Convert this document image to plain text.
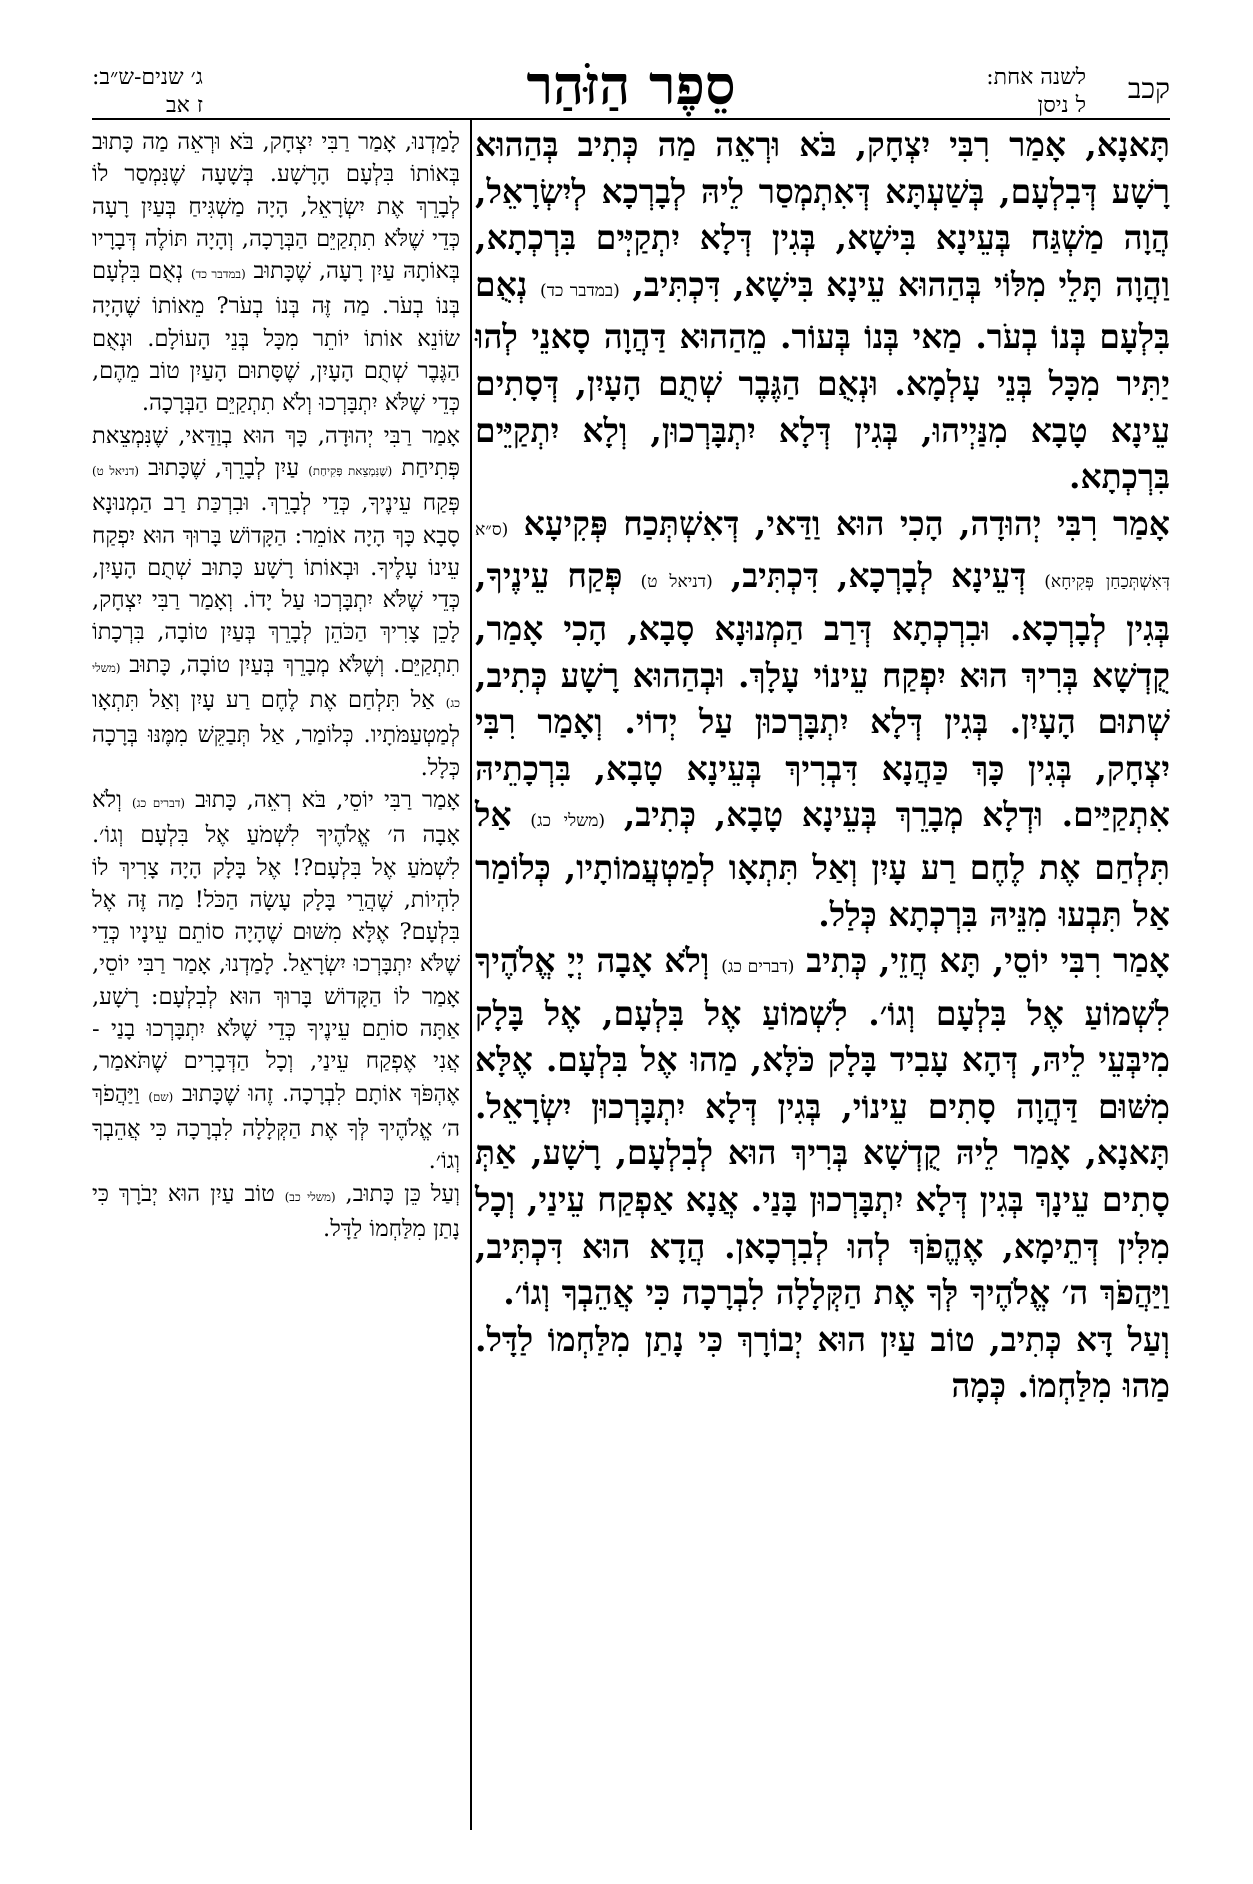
קכב
לשנה אחת:
ל ניסן
סֵפֶר הַזֹּהַר
ג׳ שנים-ש״ב:
ז אב

תָּאנָא, אָמַר רִבִּי יִצְחָק, בֹּא וּרְאֵה מַה כְּתִיב בְּהַהוּא רָשָׁע דְּבִלְעָם, בְּשַׁעְתָּא דְּאִתְמְסַר לֵיהּ לְבָרְכָא לְיִשְׂרָאֵל, הֲוָה מַשְׁגַּח בְּעֵינָא בִּישָׁא, בְּגִין דְּלָא יִתְקַיְּים בִּרְכְתָא, וַהֲוָה תָּלֵי מִלּוֹי בְּהַהוּא עֵינָא בִּישָׁא, דִּכְתִּיב, (במדבר כד) נְאֻם בִּלְעָם בְּנוֹ בְעֹר. מַאי בְּנוֹ בְּעוֹר. מֵהַהוּא דַּהֲוָה סָאנֵי לְהוּ יַתִּיר מִכָּל בְּנֵי עָלְמָא. וּנְאֻם הַגֶּבֶר שְׁתֻם הָעָיִן, דְּסָתִים עֵינָא טָבָא מִנַּיְיהוּ, בְּגִין דְּלָא יִתְבָּרְכוּן, וְלָא יִתְקַיֵּים בִּרְכְתָא.

אָמַר רִבִּי יְהוּדָה, הָכִי הוּא וַדַּאי, דְּאִשְׁתְּכַח פְּקִיעָא (ס״א דְּאִשְׁתְּכַחַן פְּקִיחָא) דְּעֵינָא לְבָרְכָא, דִּכְתִּיב, (דניאל ט) פְּקַח עֵינֶיךָ, בְּגִין לְבָרְכָא. וּבִרְכְתָא דְּרַב הַמְנוּנָא סָבָא, הָכִי אָמַר, קֻדְשָׁא בְּרִיךְ הוּא יִפְקַח עֵינוֹי עָלָךְ. וּבְהַהוּא רָשָׁע כְּתִיב, שְׁתוּם הָעָיִן. בְּגִין דְּלָא יִתְבָּרְכוּן עַל יְדוֹי. וְאָמַר רִבִּי יִצְחָק, בְּגִין כָּךְ כַּהֲנָא דִּבְרִיךְ בְּעֵינָא טָבָא, בִּרְכָתֵיהּ אִתְקַיַּים. וּדְלָא מְבָרֵךְ בְּעֵינָא טָבָא, כְּתִיב, (משלי כג) אַל תִּלְחַם אֶת לֶחֶם רַע עָיִן וְאַל תִּתְאָו לְמַטְעֲמוֹתָיו, כְּלוֹמַר אַל תִּבְעוּ מִנֵּיהּ בִּרְכְתָא כְּלַל.

אָמַר רִבִּי יוֹסֵי, תָּא חֲזֵי, כְּתִיב (דברים כג) וְלֹא אָבָה יְיָ אֱלֹהֶיךָ לִשְׁמוֹעַ אֶל בִּלְעָם וְגוֹ׳. לִשְׁמוֹעַ אֶל בִּלְעָם, אֶל בָּלָק מִיבְּעֵי לֵיהּ, דְּהָא עָבִיד בָּלָק כֹּלָּא, מַהוּ אֶל בִּלְעָם. אֶלָּא מִשּׁוּם דַּהֲוָה סָתִים עֵינוֹי, בְּגִין דְּלָא יִתְבָּרְכוּן יִשְׂרָאֵל. תָּאנָא, אָמַר לֵיהּ קֻדְשָׁא בְּרִיךְ הוּא לְבִלְעָם, רָשָׁע, אַתְּ סָתִים עֵינָךְ בְּגִין דְּלָא יִתְבָּרְכוּן בָּנַי. אֲנָא אַפְקַח עֵינַי, וְכָל מִלִּין דְּתֵימָא, אֶהֱפֹךְ לְהוּ לְבִרְכָאן. הֲדָא הוּא דִּכְתִּיב, וַיַּהֲפֹךְ ה׳ אֱלֹהֶיךָ לְּךָ אֶת הַקְּלָלָה לִבְרָכָה כִּי אֲהֵבְךָ וְגוֹ׳.

וְעַל דָּא כְּתִיב, טוֹב עַיִן הוּא יְבוֹרָךְ כִּי נָתַן מִלַּחְמוֹ לַדָּל. מַהוּ מִלַּחְמוֹ. כְּמָה

לָמַדְנוּ, אָמַר רַבִּי יִצְחָק, בֹּא וּרְאֵה מַה כָּתוּב בְּאוֹתוֹ בִּלְעָם הָרָשָׁע. בְּשָׁעָה שֶׁנִּמְסַר לוֹ לְבָרֵךְ אֶת יִשְׂרָאֵל, הָיָה מַשְׁגִּיחַ בְּעַיִן רָעָה כְּדֵי שֶׁלֹּא תִתְקַיֵּם הַבְּרָכָה, וְהָיָה תּוֹלֶה דְּבָרָיו בְּאוֹתָהּ עַיִן רָעָה, שֶׁכָּתוּב (במדבר כד) נְאֻם בִּלְעָם בְּנוֹ בְעֹר. מַה זֶּה בְּנוֹ בְעֹר? מֵאוֹתוֹ שֶׁהָיָה שׂוֹנֵא אוֹתוֹ יוֹתֵר מִכָּל בְּנֵי הָעוֹלָם. וּנְאֻם הַגֶּבֶר שְׁתֻם הָעָיִן, שֶׁסָּתוּם הָעַיִן טוֹב מֵהֶם, כְּדֵי שֶׁלֹּא יִתְבָּרְכוּ וְלֹא תִתְקַיֵּם הַבְּרָכָה.

אָמַר רַבִּי יְהוּדָה, כָּךְ הוּא בְוַדַּאי, שֶׁנִּמְצֵאת פְּתִיחַת (שֶׁנִּמְצֵאת פְּקִיחַת) עַיִן לְבָרֵךְ, שֶׁכָּתוּב (דניאל ט) פְּקַח עֵינֶיךָ, כְּדֵי לְבָרֵךְ. וּבִרְכַּת רַב הַמְנוּנָא סָבָא כָּךְ הָיָה אוֹמֵר: הַקָּדוֹשׁ בָּרוּךְ הוּא יִפְקַח עֵינוֹ עָלֶיךָ. וּבְאוֹתוֹ רָשָׁע כָּתוּב שְׁתֻם הָעָיִן, כְּדֵי שֶׁלֹּא יִתְבָּרְכוּ עַל יָדוֹ. וְאָמַר רַבִּי יִצְחָק, לָכֵן צָרִיךְ הַכֹּהֵן לְבָרֵךְ בְּעַיִן טוֹבָה, בִּרְכָתוֹ תִתְקַיֵּם. וְשֶׁלֹּא מְבָרֵךְ בְּעַיִן טוֹבָה, כָּתוּב (משלי כג) אַל תִּלְחַם אֶת לֶחֶם רַע עָיִן וְאַל תִּתְאָו לְמַטְעַמֹּתָיו. כְּלוֹמַר, אַל תְּבַקֵּשׁ מִמֶּנּוּ בְּרָכָה כְּלָל.

אָמַר רַבִּי יוֹסֵי, בֹּא רְאֵה, כָּתוּב (דברים כג) וְלֹא אָבָה ה׳ אֱלֹהֶיךָ לִשְׁמֹעַ אֶל בִּלְעָם וְגוֹ׳. לִשְׁמֹעַ אֶל בִּלְעָם?! אֶל בָּלָק הָיָה צָרִיךְ לוֹ לִהְיוֹת, שֶׁהֲרֵי בָּלָק עָשָׂה הַכֹּל! מַה זֶּה אֶל בִּלְעָם? אֶלָּא מִשּׁוּם שֶׁהָיָה סוֹתֵם עֵינָיו כְּדֵי שֶׁלֹּא יִתְבָּרְכוּ יִשְׂרָאֵל. לָמַדְנוּ, אָמַר רַבִּי יוֹסֵי, אָמַר לוֹ הַקָּדוֹשׁ בָּרוּךְ הוּא לְבִלְעָם: רָשָׁע, אַתָּה סוֹתֵם עֵינֶיךָ כְּדֵי שֶׁלֹּא יִתְבָּרְכוּ בָנַי - אֲנִי אֶפְקַח עֵינַי, וְכָל הַדְּבָרִים שֶׁתֹּאמַר, אֶהְפֹּךְ אוֹתָם לִבְרָכָה. זֶהוּ שֶׁכָּתוּב (שם) וַיַּהֲפֹךְ ה׳ אֱלֹהֶיךָ לְּךָ אֶת הַקְּלָלָה לִבְרָכָה כִּי אֲהֵבְךָ וְגוֹ׳.

וְעַל כֵּן כָּתוּב, (משלי כב) טוֹב עַיִן הוּא יְבֹרָךְ כִּי נָתַן מִלַּחְמוֹ לַדָּל.
